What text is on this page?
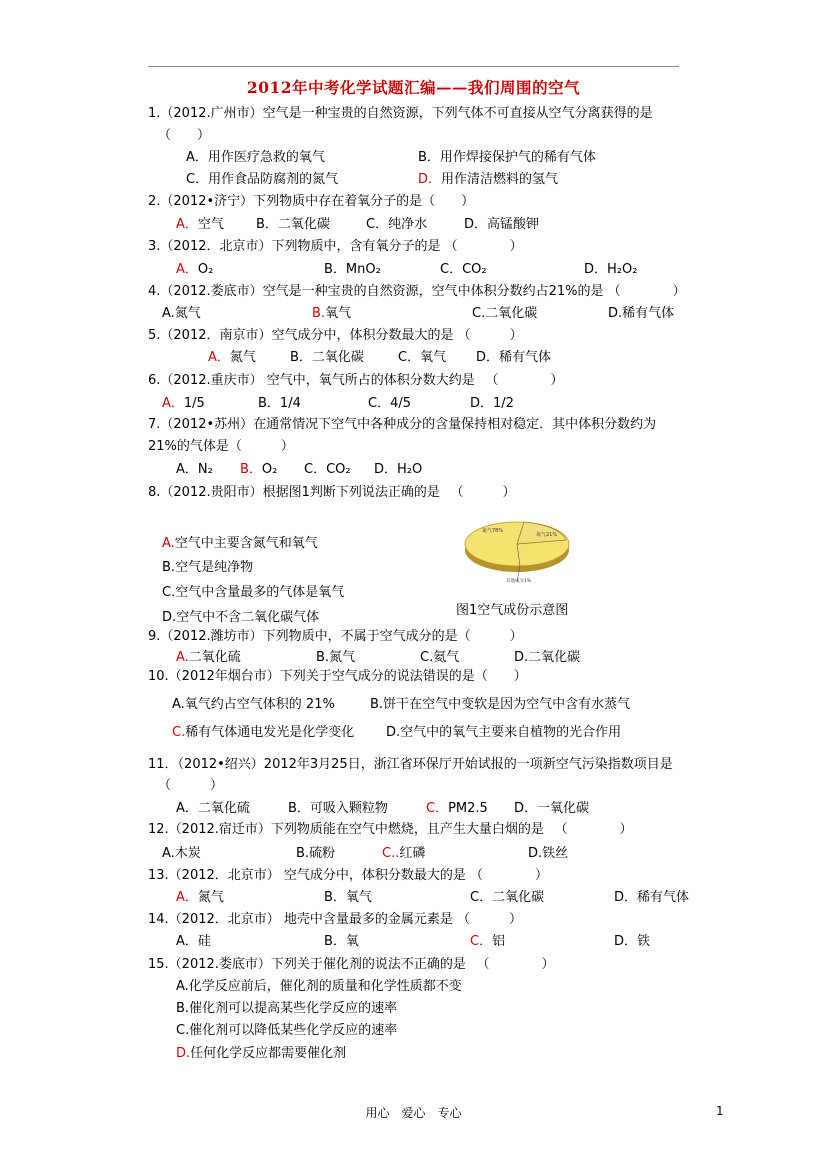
2012年中考化学试题汇编——我们周围的空气
1.（2012.广州市）空气是一种宝贵的自然资源，下列气体不可直接从空气分离获得的是
（　　）
A．用作医疗急救的氧气	B．用作焊接保护气的稀有气体
C．用作食品防腐剂的氮气	D．用作清洁燃料的氢气
2.（2012•济宁）下列物质中存在着氧分子的是（　　）
A．空气 B．二氧化碳	C．纯净水	D．高锰酸钾
3.（2012．北京市）下列物质中，含有氧分子的是 （　　　　）
A．O₂	B．MnO₂	C．CO₂	D．H₂O₂
4.（2012.娄底市）空气是一种宝贵的自然资源，空气中体积分数约占21%的是 （　　　　）
A.氮气	B.氧气	C.二氧化碳	D.稀有气体
5.（2012．南京市）空气成分中，体积分数最大的是 （　　　）
A．氮气	B．二氧化碳	C．氧气 D．稀有气体
6.（2012.重庆市） 空气中，氧气所占的体积分数大约是 　（　　　　）
A．1/5	B．1/4	C．4/5	D．1/2
7.（2012•苏州）在通常情况下空气中各种成分的含量保持相对稳定．其中体积分数约为
21%的气体是（　　　）
A．N₂ B．O₂ C．CO₂ D．H₂O
8.（2012.贵阳市）根据图1判断下列说法正确的是 　（　　　）
氮气78%
氧气21%
其他成分1%
A.空气中主要含氮气和氧气
B.空气是纯净物
C.空气中含量最多的气体是氧气
图1空气成份示意图
D.空气中不含二氧化碳气体
9.（2012.潍坊市）下列物质中，不属于空气成分的是（　　　）
A.二氧化硫	B.氮气	C.氦气	D.二氧化碳
10.（2012年烟台市）下列关于空气成分的说法错误的是（　　）
A.氧气约占空气体积的 21%	B.饼干在空气中变软是因为空气中含有水蒸气
C.稀有气体通电发光是化学变化 D.空气中的氧气主要来自植物的光合作用
11．（2012•绍兴）2012年3月25日，浙江省环保厅开始试报的一项新空气污染指数项目是
（　　　）
A．二氧化硫	B．可吸入颗粒物	C．PM2.5 D．一氧化碳
12.（2012.宿迁市）下列物质能在空气中燃烧，且产生大量白烟的是 　（　　　　）
A.木炭	B.硫粉	C..红磷	D.铁丝
13.（2012．北京市） 空气成分中，体积分数最大的是 （　　　　）
A．氮气	B．氧气	C．二氧化碳	D．稀有气体
14.（2012．北京市） 地壳中含量最多的金属元素是 （　　　）
A．硅	B．氧	C．铝	D．铁
15.（2012.娄底市）下列关于催化剂的说法不正确的是 　（　　　　）
A.化学反应前后，催化剂的质量和化学性质都不变
B.催化剂可以提高某些化学反应的速率
C.催化剂可以降低某些化学反应的速率
D.任何化学反应都需要催化剂
用心　爱心　专心	1
